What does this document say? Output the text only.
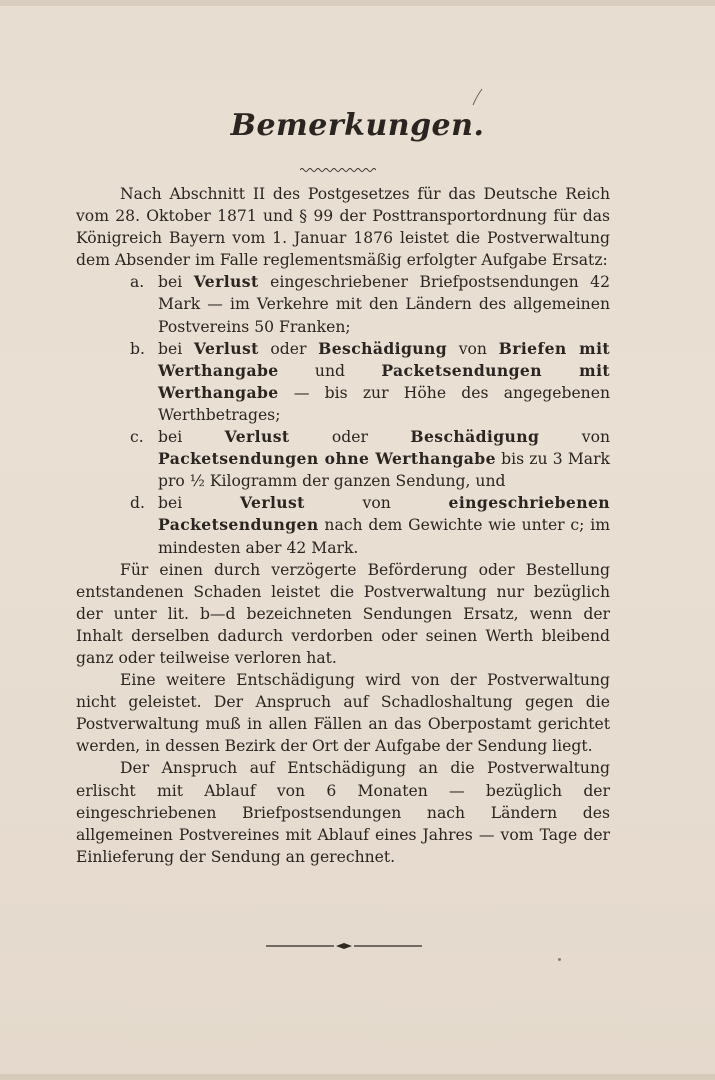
Bemerkungen.

Nach Abschnitt II des Postgesetzes für das Deutsche Reich vom 28. Oktober 1871 und § 99 der Posttransportordnung für das Königreich Bayern vom 1. Januar 1876 leistet die Postverwaltung dem Absender im Falle reglementsmäßig erfolgter Aufgabe Ersatz:

a. bei Verlust eingeschriebener Briefpostsendungen 42 Mark — im Verkehre mit den Ländern des allgemeinen Postvereins 50 Franken;
b. bei Verlust oder Beschädigung von Briefen mit Werthangabe und Packetsendungen mit Werthangabe — bis zur Höhe des angegebenen Werthbetrages;
c. bei Verlust oder Beschädigung von Packetsendungen ohne Werthangabe bis zu 3 Mark pro ½ Kilogramm der ganzen Sendung, und
d. bei Verlust von eingeschriebenen Packetsendungen nach dem Gewichte wie unter c; im mindesten aber 42 Mark.

Für einen durch verzögerte Beförderung oder Bestellung entstandenen Schaden leistet die Postverwaltung nur bezüglich der unter lit. b—d bezeichneten Sendungen Ersatz, wenn der Inhalt derselben dadurch verdorben oder seinen Werth bleibend ganz oder teilweise verloren hat.

Eine weitere Entschädigung wird von der Postverwaltung nicht geleistet. Der Anspruch auf Schadloshaltung gegen die Postverwaltung muß in allen Fällen an das Oberpostamt gerichtet werden, in dessen Bezirk der Ort der Aufgabe der Sendung liegt.

Der Anspruch auf Entschädigung an die Postverwaltung erlischt mit Ablauf von 6 Monaten — bezüglich der eingeschriebenen Briefpostsendungen nach Ländern des allgemeinen Postvereines mit Ablauf eines Jahres — vom Tage der Einlieferung der Sendung an gerechnet.
